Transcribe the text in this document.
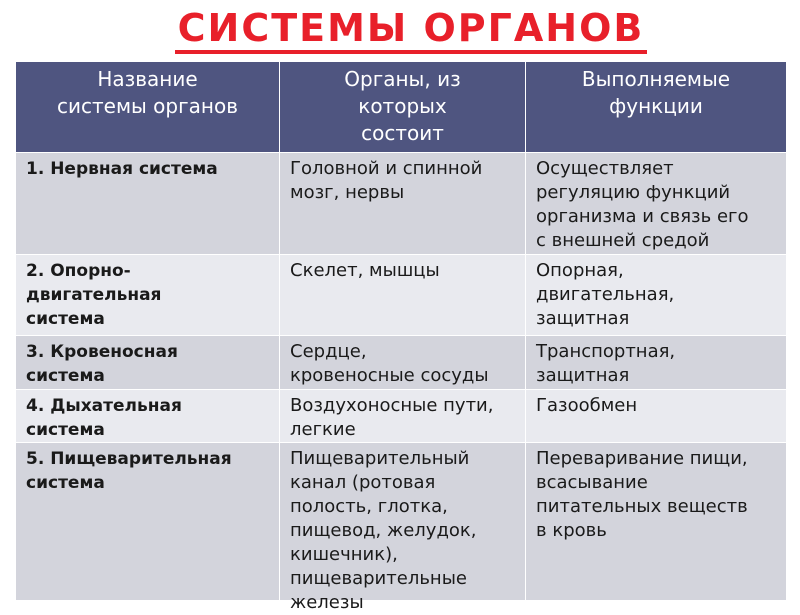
СИСТЕМЫ ОРГАНОВ
Название
системы органов
Органы, из
которых
состоит
Выполняемые
функции
1. Нервная система	Головной и спинной
мозг, нервы
Осуществляет
регуляцию функций
организма и связь его
с внешней средой
2. Опорно-
двигательная
система
Скелет, мышцы	Опорная,
двигательная,
защитная
3. Кровеносная
система
Сердце,
кровеносные сосуды
Транспортная,
защитная
4. Дыхательная
система
Воздухоносные пути,
легкие
Газообмен
5. Пищеварительная
система
Пищеварительный
канал (ротовая
полость, глотка,
пищевод, желудок,
кишечник),
пищеварительные
железы
Переваривание пищи,
всасывание
питательных веществ
в кровь
